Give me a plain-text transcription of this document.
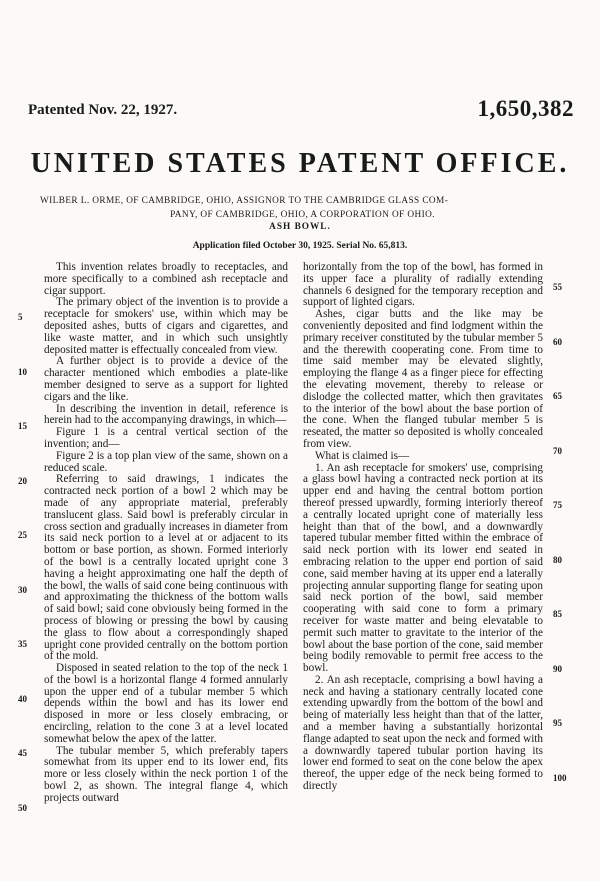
Patented Nov. 22, 1927.	1,650,382
UNITED STATES PATENT OFFICE.
WILBER L. ORME, OF CAMBRIDGE, OHIO, ASSIGNOR TO THE CAMBRIDGE GLASS COM-
PANY, OF CAMBRIDGE, OHIO, A CORPORATION OF OHIO.
ASH BOWL.
Application filed October 30, 1925. Serial No. 65,813.

This invention relates broadly to receptacles, and more specifically to a combined ash receptacle and cigar support.

The primary object of the invention is to provide a receptacle for smokers' use, within which may be deposited ashes, butts of cigars and cigarettes, and like waste matter, and in which such unsightly deposited matter is effectually concealed from view.

A further object is to provide a device of the character mentioned which embodies a plate-like member designed to serve as a support for lighted cigars and the like.

In describing the invention in detail, reference is herein had to the accompanying drawings, in which—

Figure 1 is a central vertical section of the invention; and—

Figure 2 is a top plan view of the same, shown on a reduced scale.

Referring to said drawings, 1 indicates the contracted neck portion of a bowl 2 which may be made of any appropriate material, preferably translucent glass. Said bowl is preferably circular in cross section and gradually increases in diameter from its said neck portion to a level at or adjacent to its bottom or base portion, as shown. Formed interiorly of the bowl is a centrally located upright cone 3 having a height approximating one half the depth of the bowl, the walls of said cone being continuous with and approximating the thickness of the bottom walls of said bowl; said cone obviously being formed in the process of blowing or pressing the bowl by causing the glass to flow about a correspondingly shaped upright cone provided centrally on the bottom portion of the mold.

Disposed in seated relation to the top of the neck 1 of the bowl is a horizontal flange 4 formed annularly upon the upper end of a tubular member 5 which depends within the bowl and has its lower end disposed in more or less closely embracing, or encircling, relation to the cone 3 at a level located somewhat below the apex of the latter.

The tubular member 5, which preferably tapers somewhat from its upper end to its lower end, fits more or less closely within the neck portion 1 of the bowl 2, as shown. The integral flange 4, which projects outward

horizontally from the top of the bowl, has formed in its upper face a plurality of radially extending channels 6 designed for the temporary reception and support of lighted cigars.

Ashes, cigar butts and the like may be conveniently deposited and find lodgment within the primary receiver constituted by the tubular member 5 and the therewith cooperating cone. From time to time said member may be elevated slightly, employing the flange 4 as a finger piece for effecting the elevating movement, thereby to release or dislodge the collected matter, which then gravitates to the interior of the bowl about the base portion of the cone. When the flanged tubular member 5 is reseated, the matter so deposited is wholly concealed from view.

What is claimed is—

1. An ash receptacle for smokers' use, comprising a glass bowl having a contracted neck portion at its upper end and having the central bottom portion thereof pressed upwardly, forming interiorly thereof a centrally located upright cone of materially less height than that of the bowl, and a downwardly tapered tubular member fitted within the embrace of said neck portion with its lower end seated in embracing relation to the upper end portion of said cone, said member having at its upper end a laterally projecting annular supporting flange for seating upon said neck portion of the bowl, said member cooperating with said cone to form a primary receiver for waste matter and being elevatable to permit such matter to gravitate to the interior of the bowl about the base portion of the cone, said member being bodily removable to permit free access to the bowl.

2. An ash receptacle, comprising a bowl having a neck and having a stationary centrally located cone extending upwardly from the bottom of the bowl and being of materially less height than that of the latter, and a member having a substantially horizontal flange adapted to seat upon the neck and formed with a downwardly tapered tubular portion having its lower end formed to seat on the cone below the apex thereof, the upper edge of the neck being formed to directly

5
10
15
20
25
30
35
40
45
50
55
60
65
70
75
80
85
90
95
100
